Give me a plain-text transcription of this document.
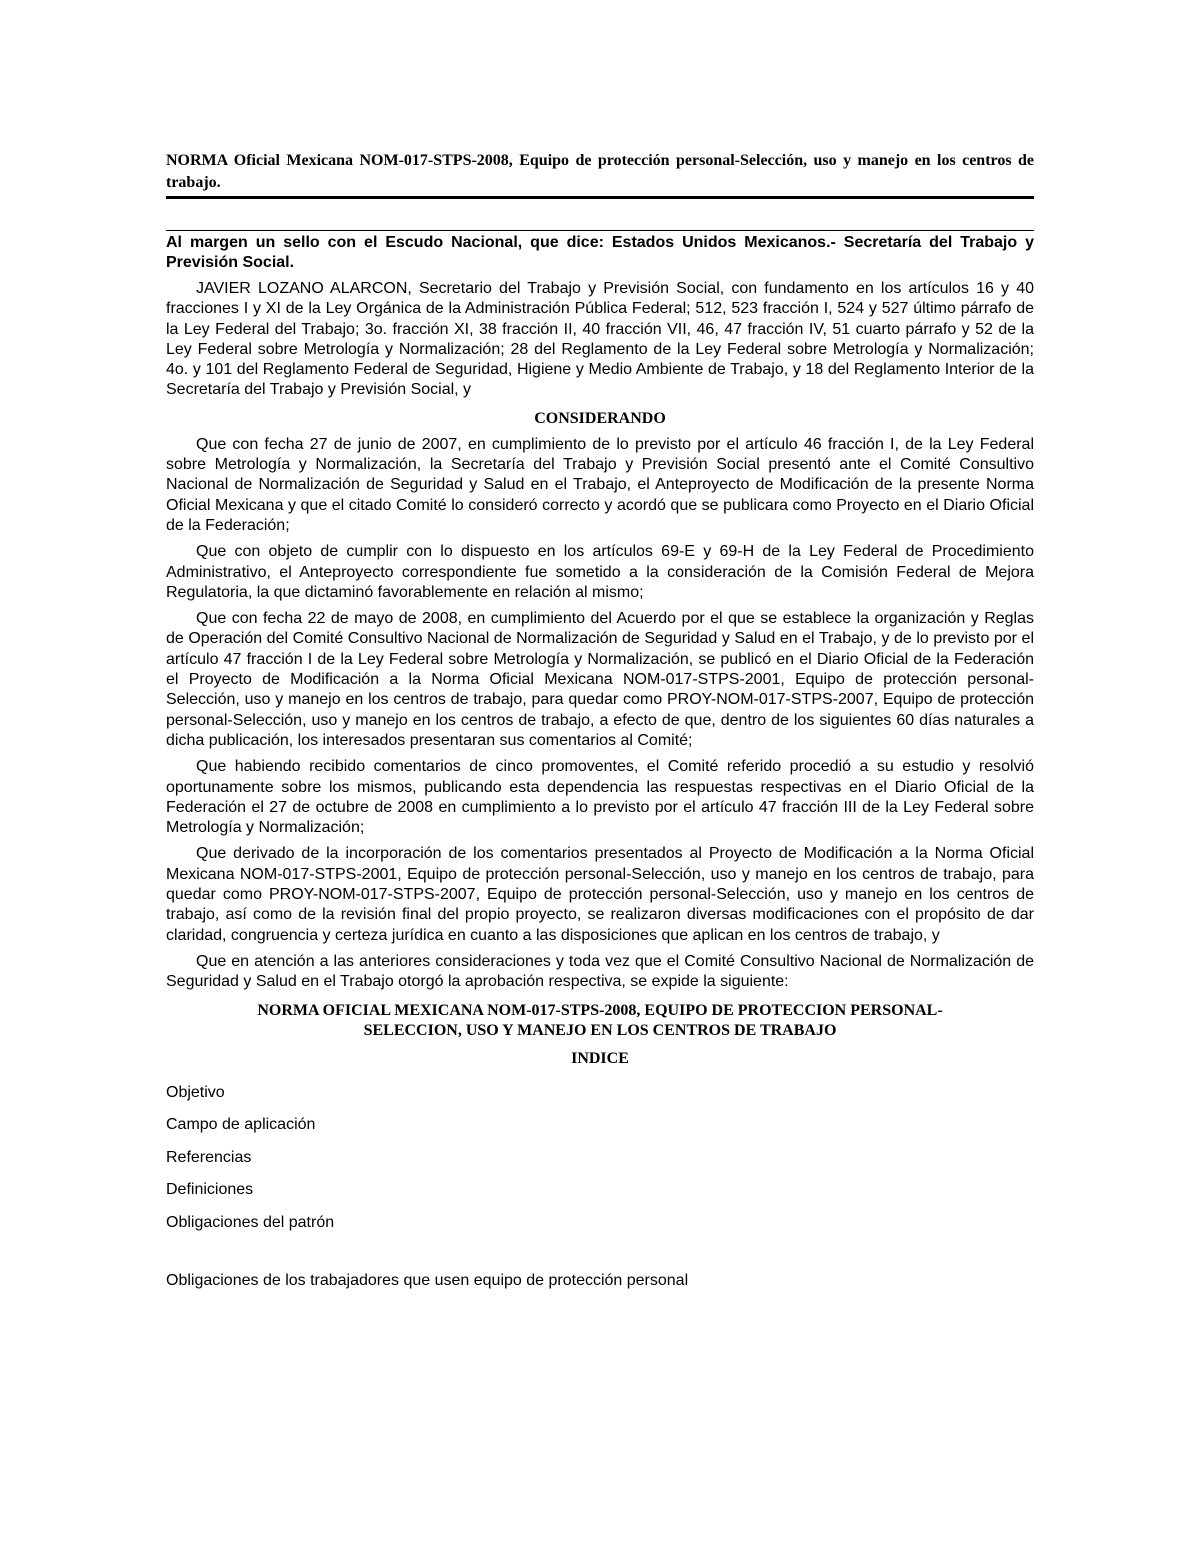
NORMA Oficial Mexicana NOM-017-STPS-2008, Equipo de protección personal-Selección, uso y manejo en los centros de trabajo.

Al margen un sello con el Escudo Nacional, que dice: Estados Unidos Mexicanos.- Secretaría del Trabajo y Previsión Social.

JAVIER LOZANO ALARCON, Secretario del Trabajo y Previsión Social, con fundamento en los artículos 16 y 40 fracciones I y XI de la Ley Orgánica de la Administración Pública Federal; 512, 523 fracción I, 524 y 527 último párrafo de la Ley Federal del Trabajo; 3o. fracción XI, 38 fracción II, 40 fracción VII, 46, 47 fracción IV, 51 cuarto párrafo y 52 de la Ley Federal sobre Metrología y Normalización; 28 del Reglamento de la Ley Federal sobre Metrología y Normalización; 4o. y 101 del Reglamento Federal de Seguridad, Higiene y Medio Ambiente de Trabajo, y 18 del Reglamento Interior de la Secretaría del Trabajo y Previsión Social, y

CONSIDERANDO

Que con fecha 27 de junio de 2007, en cumplimiento de lo previsto por el artículo 46 fracción I, de la Ley Federal sobre Metrología y Normalización, la Secretaría del Trabajo y Previsión Social presentó ante el Comité Consultivo Nacional de Normalización de Seguridad y Salud en el Trabajo, el Anteproyecto de Modificación de la presente Norma Oficial Mexicana y que el citado Comité lo consideró correcto y acordó que se publicara como Proyecto en el Diario Oficial de la Federación;

Que con objeto de cumplir con lo dispuesto en los artículos 69-E y 69-H de la Ley Federal de Procedimiento Administrativo, el Anteproyecto correspondiente fue sometido a la consideración de la Comisión Federal de Mejora Regulatoria, la que dictaminó favorablemente en relación al mismo;

Que con fecha 22 de mayo de 2008, en cumplimiento del Acuerdo por el que se establece la organización y Reglas de Operación del Comité Consultivo Nacional de Normalización de Seguridad y Salud en el Trabajo, y de lo previsto por el artículo 47 fracción I de la Ley Federal sobre Metrología y Normalización, se publicó en el Diario Oficial de la Federación el Proyecto de Modificación a la Norma Oficial Mexicana NOM-017-STPS-2001, Equipo de protección personal- Selección, uso y manejo en los centros de trabajo, para quedar como PROY-NOM-017-STPS-2007, Equipo de protección personal-Selección, uso y manejo en los centros de trabajo, a efecto de que, dentro de los siguientes 60 días naturales a dicha publicación, los interesados presentaran sus comentarios al Comité;

Que habiendo recibido comentarios de cinco promoventes, el Comité referido procedió a su estudio y resolvió oportunamente sobre los mismos, publicando esta dependencia las respuestas respectivas en el Diario Oficial de la Federación el 27 de octubre de 2008 en cumplimiento a lo previsto por el artículo 47 fracción III de la Ley Federal sobre Metrología y Normalización;

Que derivado de la incorporación de los comentarios presentados al Proyecto de Modificación a la Norma Oficial Mexicana NOM-017-STPS-2001, Equipo de protección personal-Selección, uso y manejo en los centros de trabajo, para quedar como PROY-NOM-017-STPS-2007, Equipo de protección personal-Selección, uso y manejo en los centros de trabajo, así como de la revisión final del propio proyecto, se realizaron diversas modificaciones con el propósito de dar claridad, congruencia y certeza jurídica en cuanto a las disposiciones que aplican en los centros de trabajo, y

Que en atención a las anteriores consideraciones y toda vez que el Comité Consultivo Nacional de Normalización de Seguridad y Salud en el Trabajo otorgó la aprobación respectiva, se expide la siguiente:

NORMA OFICIAL MEXICANA NOM-017-STPS-2008, EQUIPO DE PROTECCION PERSONAL-
SELECCION, USO Y MANEJO EN LOS CENTROS DE TRABAJO
INDICE
Objetivo
Campo de aplicación
Referencias
Definiciones
Obligaciones del patrón
Obligaciones de los trabajadores que usen equipo de protección personal
